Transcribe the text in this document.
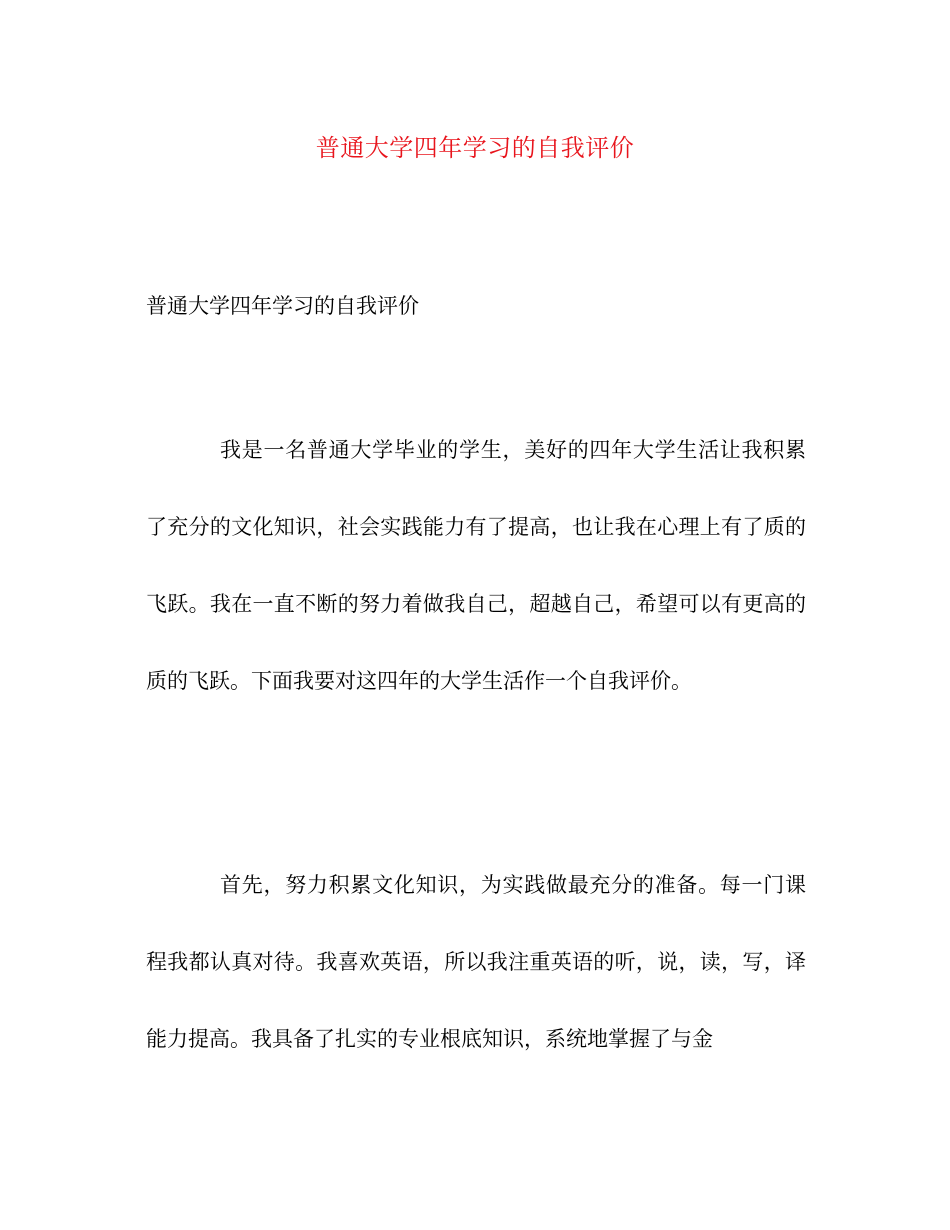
普通大学四年学习的自我评价
普通大学四年学习的自我评价

我是一名普通大学毕业的学生，美好的四年大学生活让我积累了充分的文化知识，社会实践能力有了提高，也让我在心理上有了质的飞跃。我在一直不断的努力着做我自己，超越自己，希望可以有更高的质的飞跃。下面我要对这四年的大学生活作一个自我评价。

首先，努力积累文化知识，为实践做最充分的准备。每一门课程我都认真对待。我喜欢英语，所以我注重英语的听，说，读，写，译能力提高。我具备了扎实的专业根底知识，系统地掌握了与金
